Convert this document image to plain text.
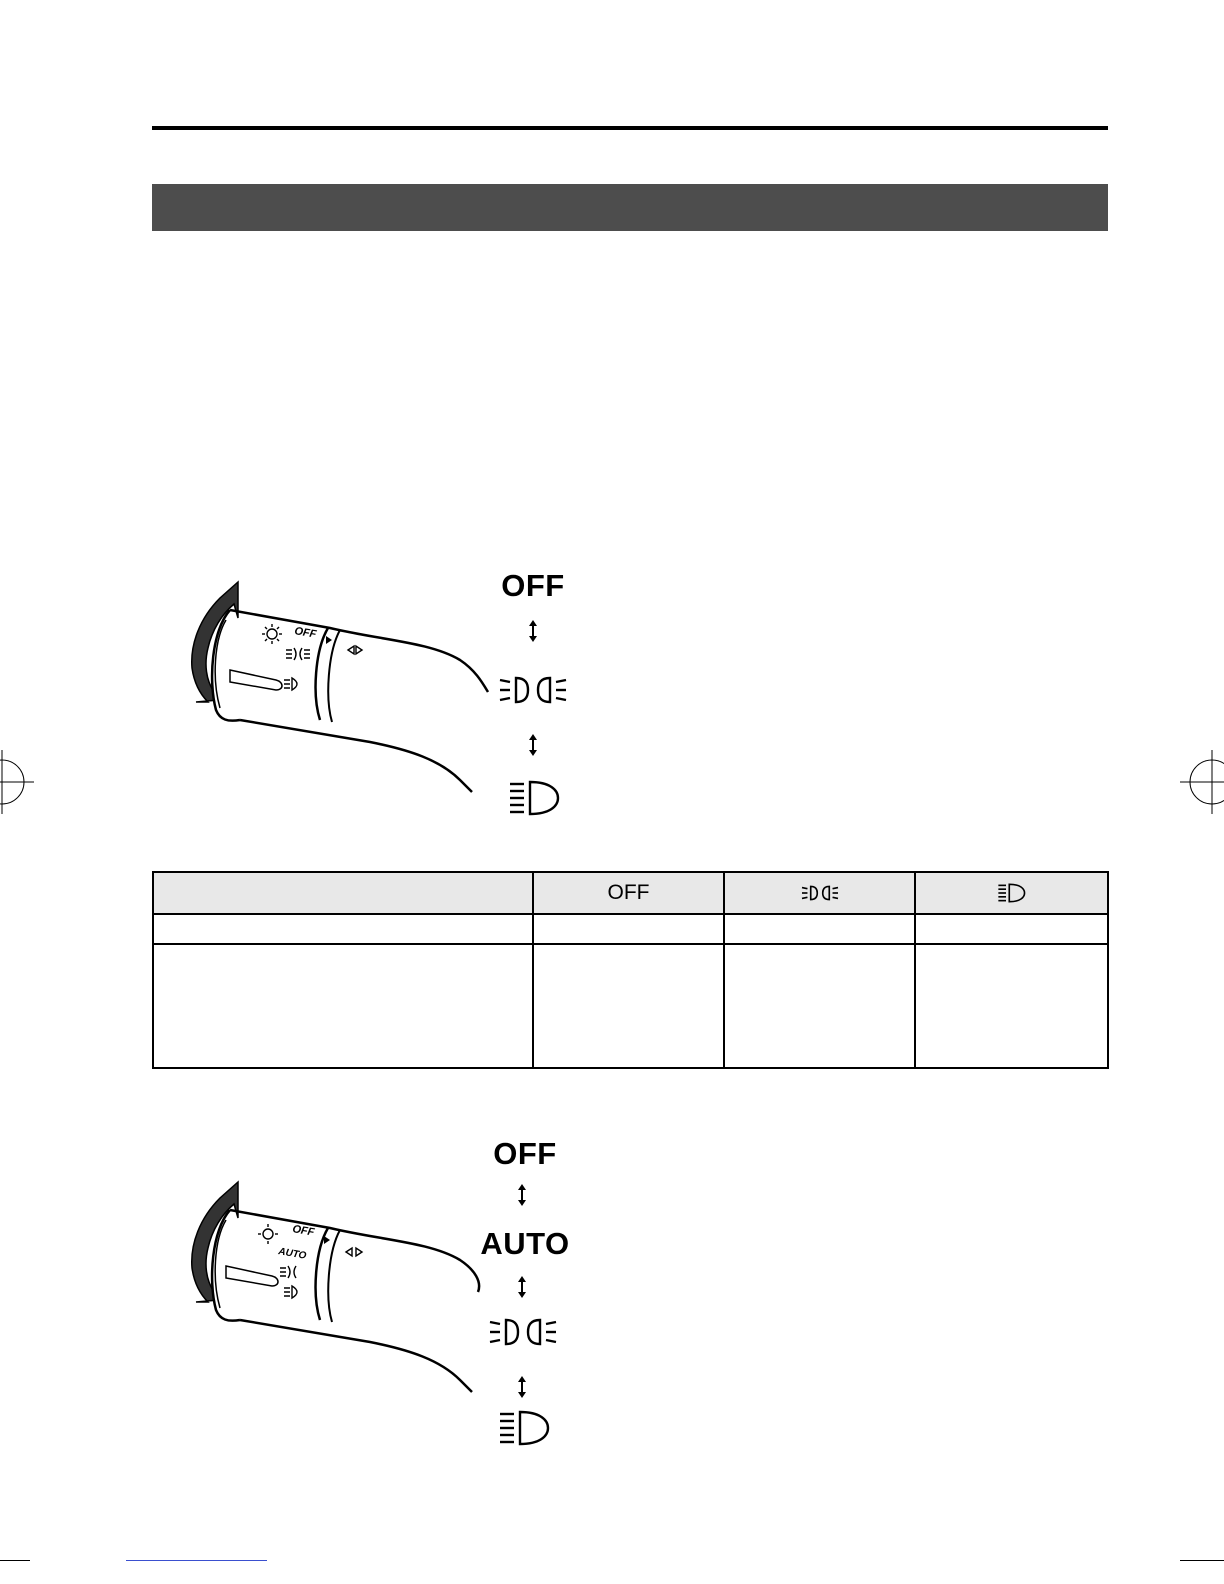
OFF
OFF
	OFF		

OFF
AUTO
OFF
AUTO
